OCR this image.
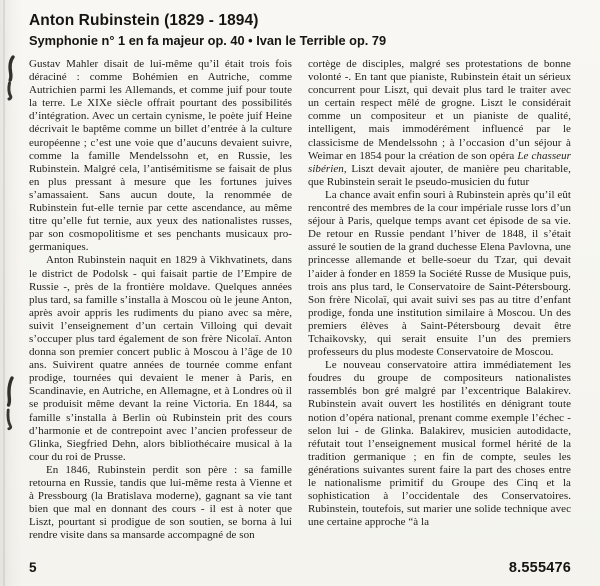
Anton Rubinstein (1829 - 1894)
Symphonie n° 1 en fa majeur op. 40 • Ivan le Terrible op. 79

Gustav Mahler disait de lui-même qu’il était trois fois déraciné : comme Bohémien en Autriche, comme Autrichien parmi les Allemands, et comme juif pour toute la terre. Le XIXe siècle offrait pourtant des possibilités d’intégration. Avec un certain cynisme, le poète juif Heine décrivait le baptême comme un billet d’entrée à la culture européenne ; c’est une voie que d’aucuns devaient suivre, comme la famille Mendelssohn et, en Russie, les Rubinstein. Malgré cela, l’antisémitisme se faisait de plus en plus pressant à mesure que les fortunes juives s’amassaient. Sans aucun doute, la renommée de Rubinstein fut-elle ternie par cette ascendance, au même titre qu’elle fut ternie, aux yeux des nationalistes russes, par son cosmopolitisme et ses penchants musicaux pro-germaniques.

Anton Rubinstein naquit en 1829 à Vikhvatinets, dans le district de Podolsk - qui faisait partie de l’Empire de Russie -, près de la frontière moldave. Quelques années plus tard, sa famille s’installa à Moscou où le jeune Anton, après avoir appris les rudiments du piano avec sa mère, suivit l’enseignement d’un certain Villoing qui devait s’occuper plus tard également de son frère Nicolaï. Anton donna son premier concert public à Moscou à l’âge de 10 ans. Suivirent quatre années de tournée comme enfant prodige, tournées qui devaient le mener à Paris, en Scandinavie, en Autriche, en Allemagne, et à Londres où il se produisit même devant la reine Victoria. En 1844, sa famille s’installa à Berlin où Rubinstein prit des cours d’harmonie et de contrepoint avec l’ancien professeur de Glinka, Siegfried Dehn, alors bibliothécaire musical à la cour du roi de Prusse.

En 1846, Rubinstein perdit son père : sa famille retourna en Russie, tandis que lui-même resta à Vienne et à Pressbourg (la Bratislava moderne), gagnant sa vie tant bien que mal en donnant des cours - il est à noter que Liszt, pourtant si prodigue de son soutien, se borna à lui rendre visite dans sa mansarde accompagné de son

cortège de disciples, malgré ses protestations de bonne volonté -. En tant que pianiste, Rubinstein était un sérieux concurrent pour Liszt, qui devait plus tard le traiter avec un certain respect mêlé de grogne. Liszt le considérait comme un compositeur et un pianiste de qualité, intelligent, mais immodérément influencé par le classicisme de Mendelssohn ; à l’occasion d’un séjour à Weimar en 1854 pour la création de son opéra Le chasseur sibérien, Liszt devait ajouter, de manière peu charitable, que Rubinstein serait le pseudo-musicien du futur

La chance avait enfin souri à Rubinstein après qu’il eût rencontré des membres de la cour impériale russe lors d’un séjour à Paris, quelque temps avant cet épisode de sa vie. De retour en Russie pendant l’hiver de 1848, il s’était assuré le soutien de la grand duchesse Elena Pavlovna, une princesse allemande et belle-soeur du Tzar, qui devait l’aider à fonder en 1859 la Société Russe de Musique puis, trois ans plus tard, le Conservatoire de Saint-Pétersbourg. Son frère Nicolaï, qui avait suivi ses pas au titre d’enfant prodige, fonda une institution similaire à Moscou. Un des premiers élèves à Saint-Pétersbourg devait être Tchaikovsky, qui serait ensuite l’un des premiers professeurs du plus modeste Conservatoire de Moscou.

Le nouveau conservatoire attira immédiatement les foudres du groupe de compositeurs nationalistes rassemblés bon gré malgré par l’excentrique Balakirev. Rubinstein avait ouvert les hostilités en dénigrant toute notion d’opéra national, prenant comme exemple l’échec - selon lui - de Glinka. Balakirev, musicien autodidacte, réfutait tout l’enseignement musical formel hérité de la tradition germanique ; en fin de compte, seules les générations suivantes surent faire la part des choses entre le nationalisme primitif du Groupe des Cinq et la sophistication à l’occidentale des Conservatoires. Rubinstein, toutefois, sut marier une solide technique avec une certaine approche “à la

5	8.555476
